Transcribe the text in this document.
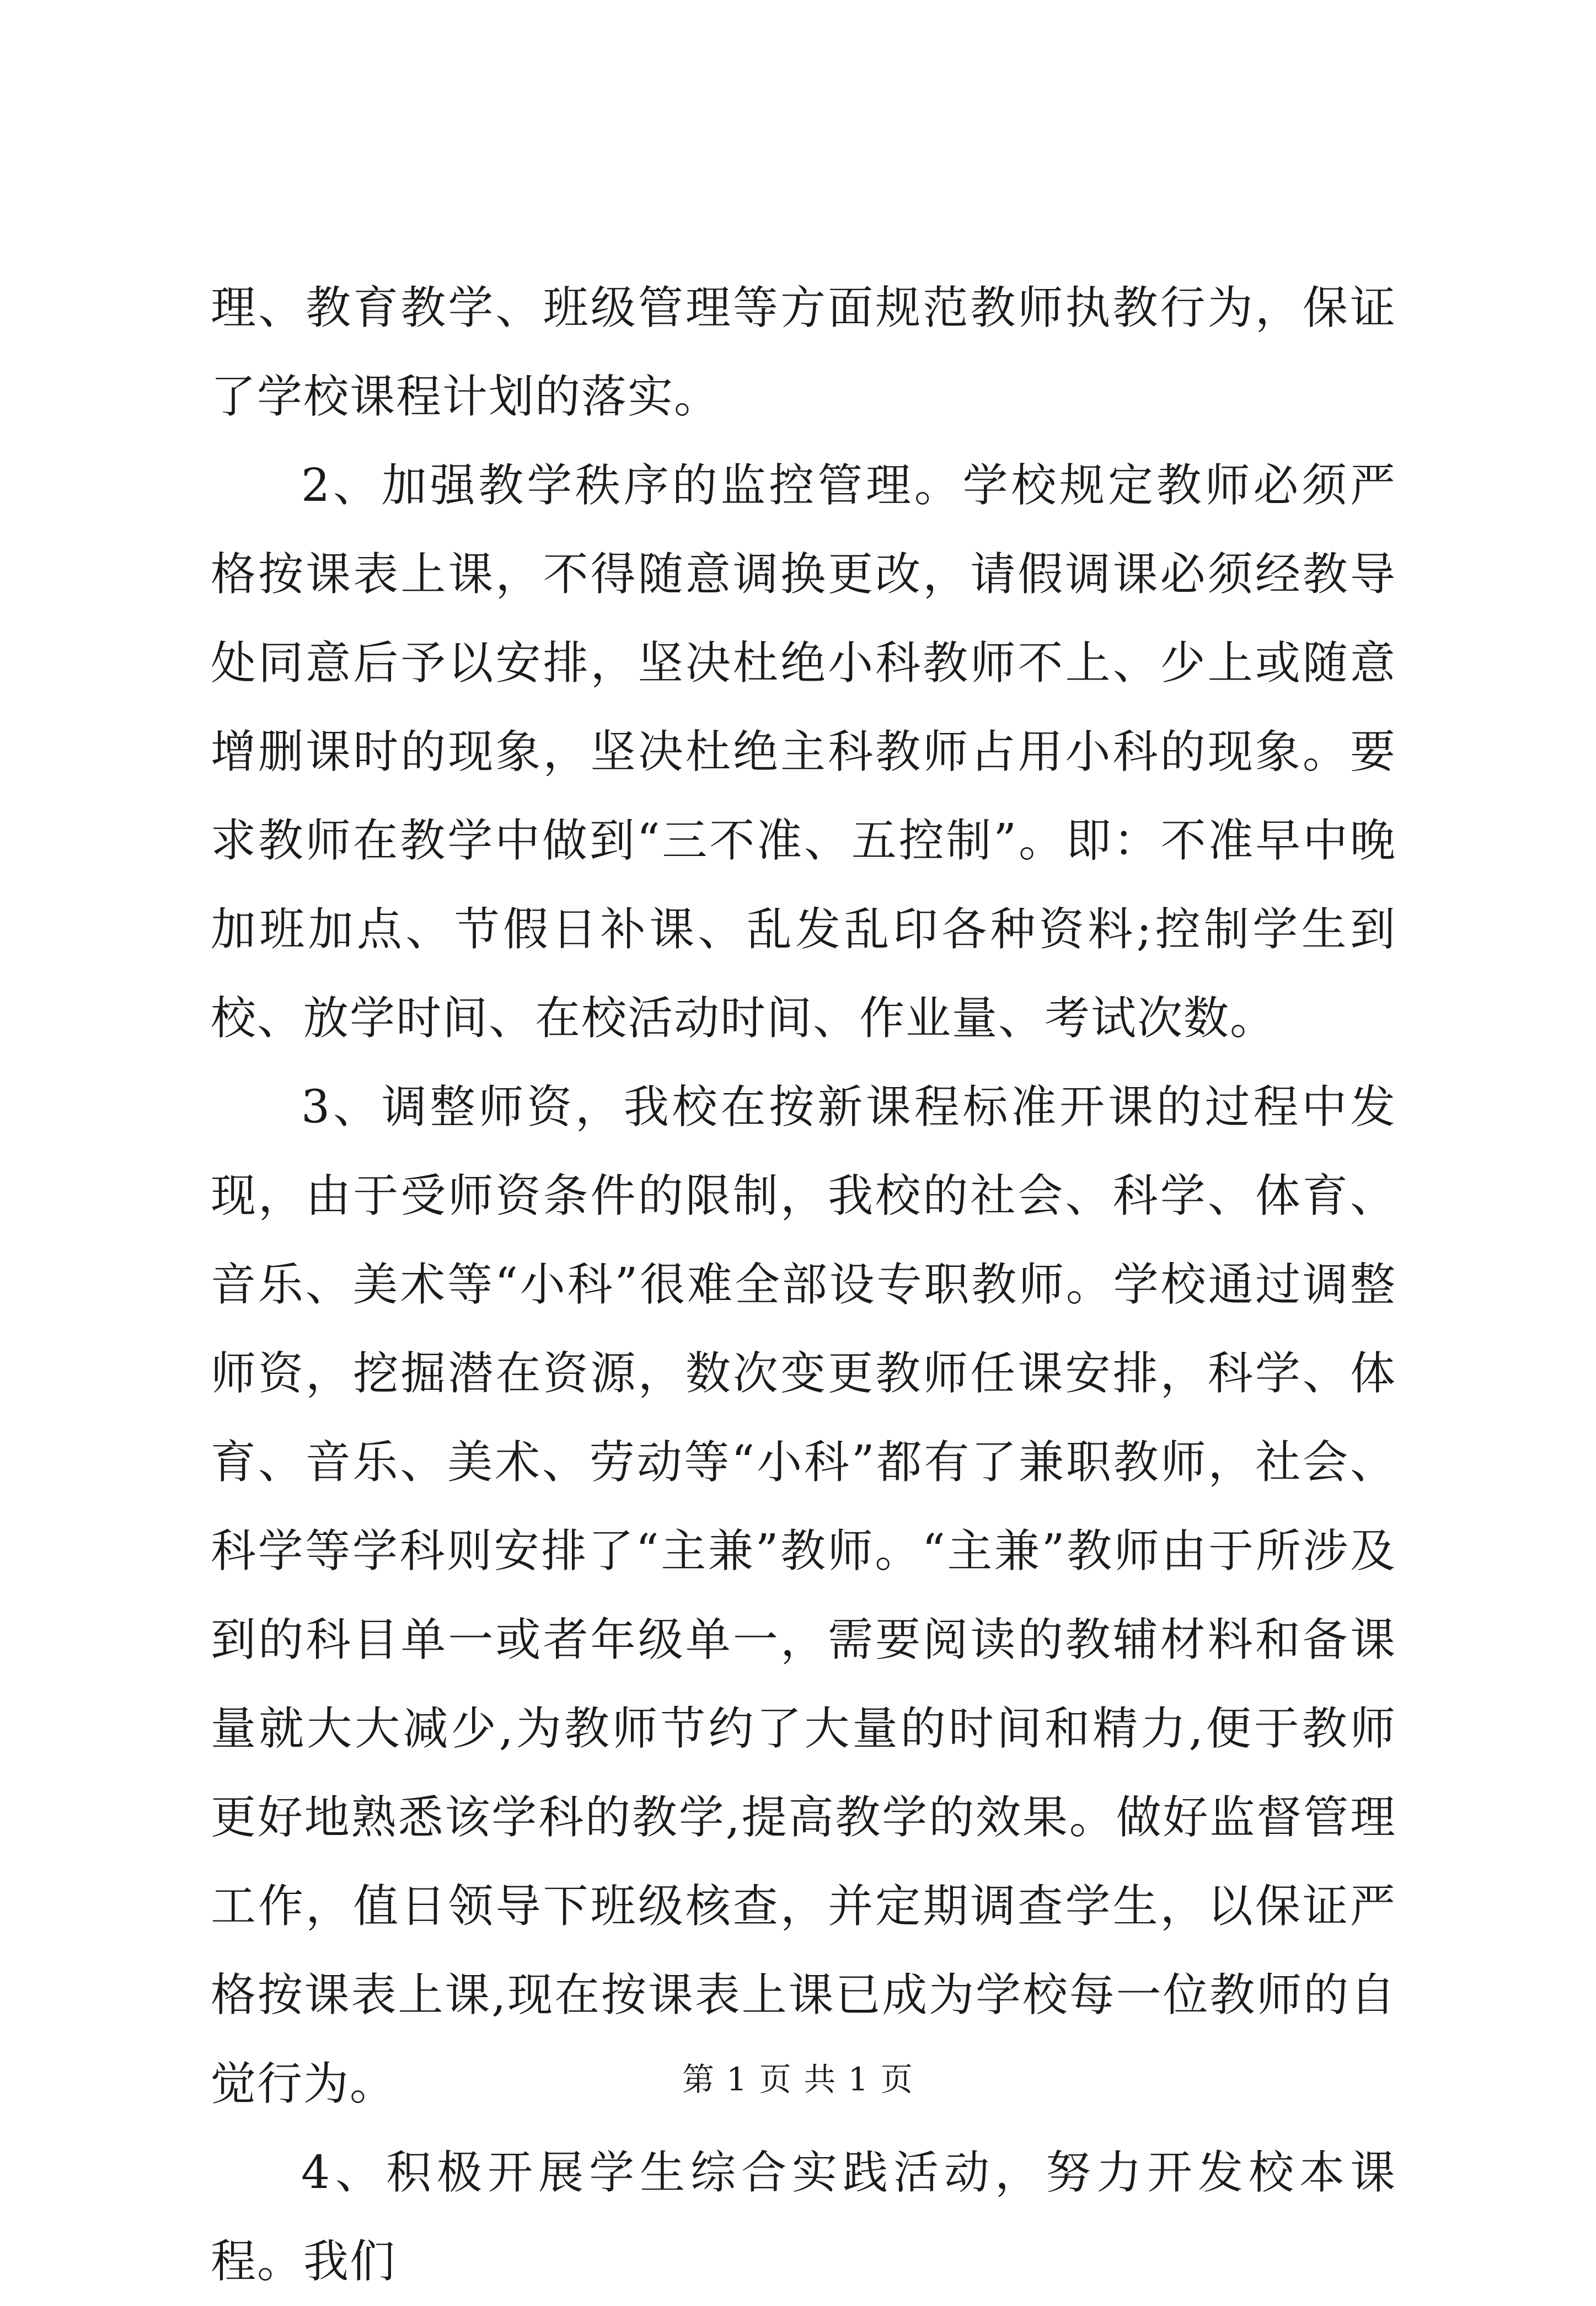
理、教育教学、班级管理等方面规范教师执教行为，保证了学校课程计划的落实。

2、加强教学秩序的监控管理。学校规定教师必须严格按课表上课，不得随意调换更改，请假调课必须经教导处同意后予以安排，坚决杜绝小科教师不上、少上或随意增删课时的现象，坚决杜绝主科教师占用小科的现象。要求教师在教学中做到“三不准、五控制”。即：不准早中晚加班加点、节假日补课、乱发乱印各种资料;控制学生到校、放学时间、在校活动时间、作业量、考试次数。

3、调整师资，我校在按新课程标准开课的过程中发现，由于受师资条件的限制，我校的社会、科学、体育、音乐、美术等“小科”很难全部设专职教师。学校通过调整师资，挖掘潜在资源，数次变更教师任课安排，科学、体育、音乐、美术、劳动等“小科”都有了兼职教师，社会、科学等学科则安排了“主兼”教师。“主兼”教师由于所涉及到的科目单一或者年级单一，需要阅读的教辅材料和备课量就大大减少,为教师节约了大量的时间和精力,便于教师更好地熟悉该学科的教学,提高教学的效果。做好监督管理工作，值日领导下班级核查，并定期调查学生，以保证严格按课表上课,现在按课表上课已成为学校每一位教师的自觉行为。

4、积极开展学生综合实践活动，努力开发校本课程。我们

第 1 页 共 1 页
